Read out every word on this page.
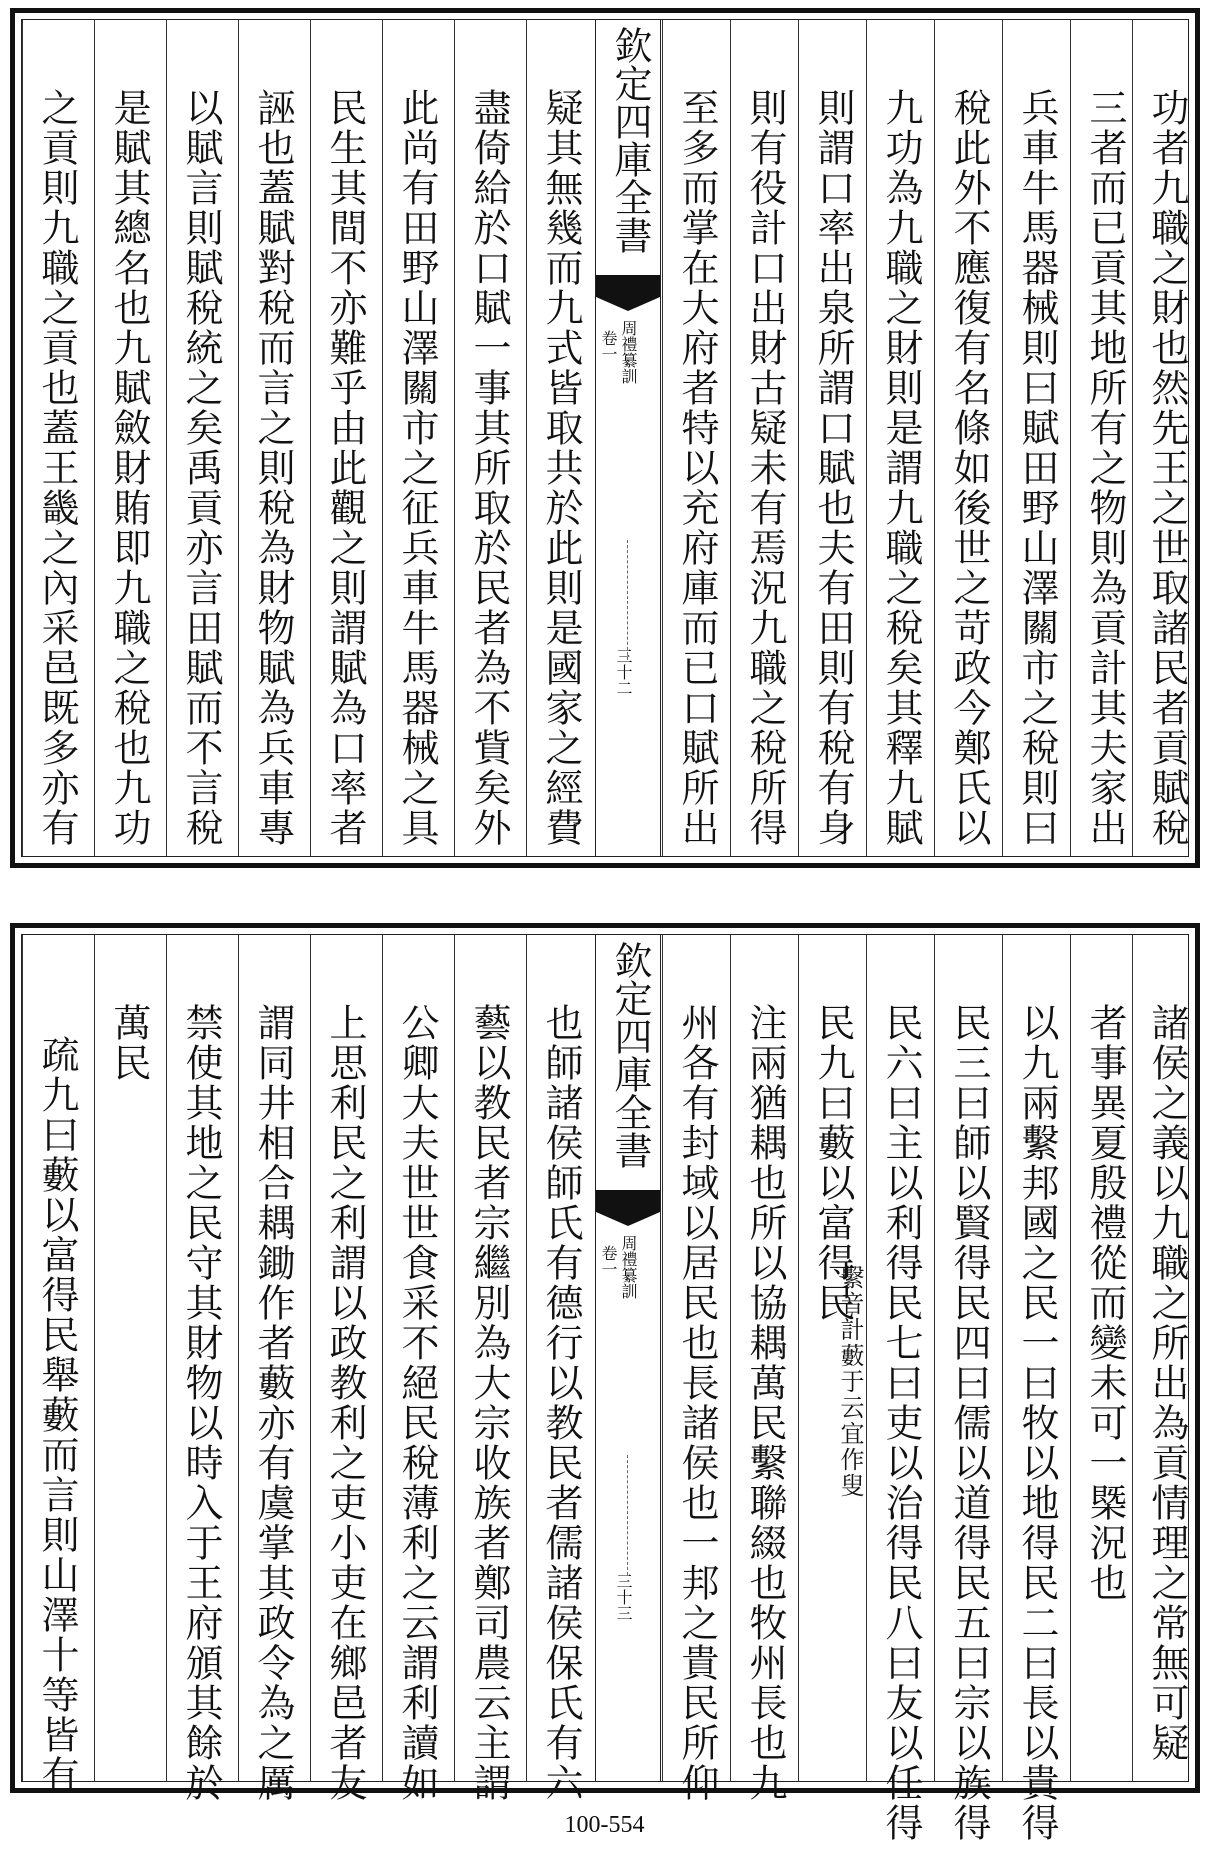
之貢則九職之貢也蓋王畿之內采邑既多亦有 是賦其總名也九賦斂財賄即九職之稅也九功 以賦言則賦稅統之矣禹貢亦言田賦而不言稅 誣也蓋賦對稅而言之則稅為財物賦為兵車專 民生其間不亦難乎由此觀之則謂賦為口率者 此尚有田野山澤關市之征兵車牛馬器械之具 盡倚給於口賦一事其所取於民者為不貲矣外 疑其無幾而九式皆取共於此則是國家之經費 欽定四庫全書
周禮纂訓
卷一
三十二	至多而掌在大府者特以充府庫而已口賦所出 則有役計口出財古疑未有焉況九職之稅所得 則謂口率出泉所謂口賦也夫有田則有稅有身 九功為九職之財則是謂九職之稅矣其釋九賦 稅此外不應復有名條如後世之苛政今鄭氏以 兵車牛馬器械則曰賦田野山澤關市之稅則曰 三者而已貢其地所有之物則為貢計其夫家出 功者九職之財也然先王之世取諸民者貢賦稅
疏九曰藪以富得民舉藪而言則山澤十等皆有 萬民 禁使其地之民守其財物以時入于王府頒其餘於 謂同井相合耦鋤作者藪亦有虞掌其政令為之厲 上思利民之利謂以政教利之吏小吏在鄉邑者友 公卿大夫世世食采不絕民稅薄利之云謂利讀如 藝以教民者宗繼別為大宗收族者鄭司農云主謂 也師諸侯師氏有德行以教民者儒諸侯保氏有六 欽定四庫全書
周禮纂訓
卷一
三十三	州各有封域以居民也長諸侯也一邦之貴民所仰 注兩猶耦也所以協耦萬民繫聯綴也牧州長也九 民九曰藪以富得民
繫音計藪于云宜作叟 民六曰主以利得民七曰吏以治得民八曰友以任得 民三曰師以賢得民四曰儒以道得民五曰宗以族得 以九兩繫邦國之民一曰牧以地得民二曰長以貴得 者事異夏殷禮從而變未可一槩況也 諸侯之義以九職之所出為貢情理之常無可疑
100-554
